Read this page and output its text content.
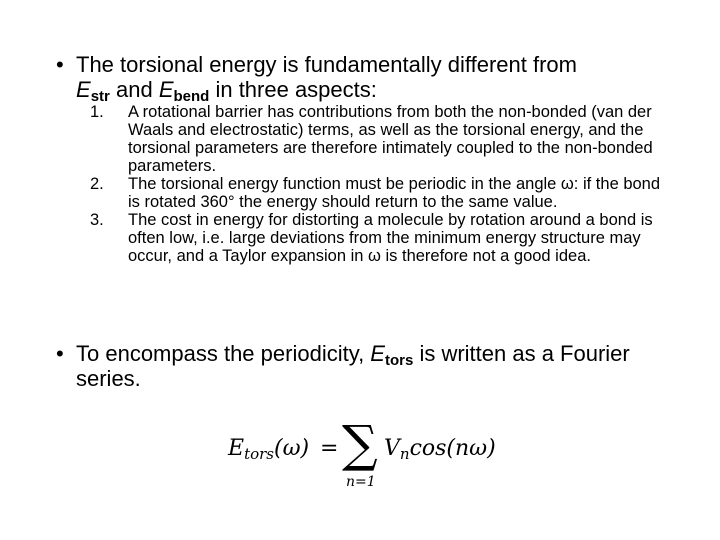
• The torsional energy is fundamentally different from
$E_{str}$ and $E_{bend}$ in three aspects:
1. A rotational barrier has contributions from both the non-bonded (van der Waals and electrostatic) terms, as well as the torsional energy, and the torsional parameters are therefore intimately coupled to the non-bonded parameters.
2. The torsional energy function must be periodic in the angle ω: if the bond is rotated 360° the energy should return to the same value.
3. The cost in energy for distorting a molecule by rotation around a bond is often low, i.e. large deviations from the minimum energy structure may occur, and a Taylor expansion in ω is therefore not a good idea.
• To encompass the periodicity, $E_{tors}$ is written as a Fourier series.
Etors(ω) = ∑
n=1
Vncos(nω)
